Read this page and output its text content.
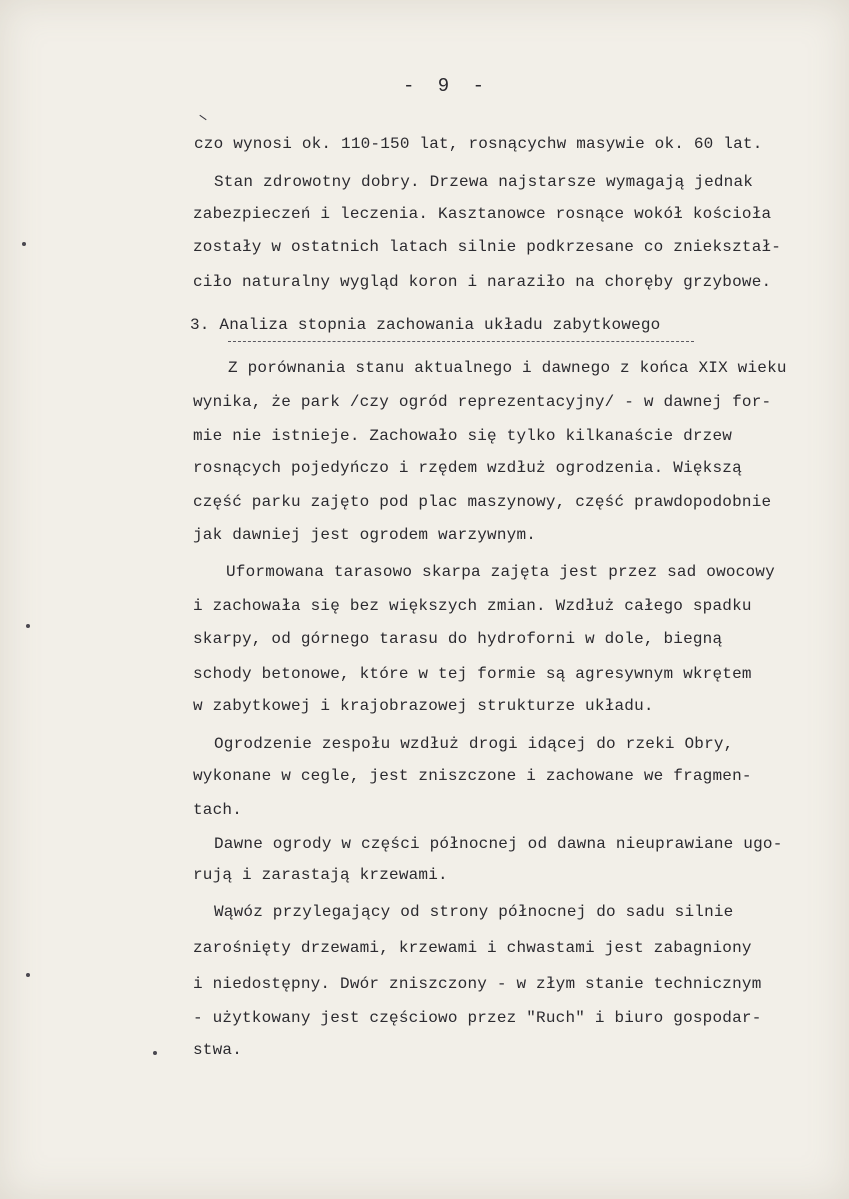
- 9 -
czo wynosi ok. 110-150 lat, rosnącychw masywie ok. 60 lat.
Stan zdrowotny dobry. Drzewa najstarsze wymagają jednak
zabezpieczeń i leczenia. Kasztanowce rosnące wokół kościoła
zostały w ostatnich latach silnie podkrzesane co zniekształ-
ciło naturalny wygląd koron i naraziło na choręby grzybowe.
3. Analiza stopnia zachowania układu zabytkowego
Z porównania stanu aktualnego i dawnego z końca XIX wieku
wynika, że park /czy ogród reprezentacyjny/ - w dawnej for-
mie nie istnieje. Zachowało się tylko kilkanaście drzew
rosnących pojedyńczo i rzędem wzdłuż ogrodzenia. Większą
część parku zajęto pod plac maszynowy, część prawdopodobnie
jak dawniej jest ogrodem warzywnym.
Uformowana tarasowo skarpa zajęta jest przez sad owocowy
i zachowała się bez większych zmian. Wzdłuż całego spadku
skarpy, od górnego tarasu do hydroforni w dole, biegną
schody betonowe, które w tej formie są agresywnym wkrętem
w zabytkowej i krajobrazowej strukturze układu.
Ogrodzenie zespołu wzdłuż drogi idącej do rzeki Obry,
wykonane w cegle, jest zniszczone i zachowane we fragmen-
tach.
Dawne ogrody w części północnej od dawna nieuprawiane ugo-
rują i zarastają krzewami.
Wąwóz przylegający od strony północnej do sadu silnie
zarośnięty drzewami, krzewami i chwastami jest zabagniony
i niedostępny. Dwór zniszczony - w złym stanie technicznym
- użytkowany jest częściowo przez "Ruch" i biuro gospodar-
stwa.
